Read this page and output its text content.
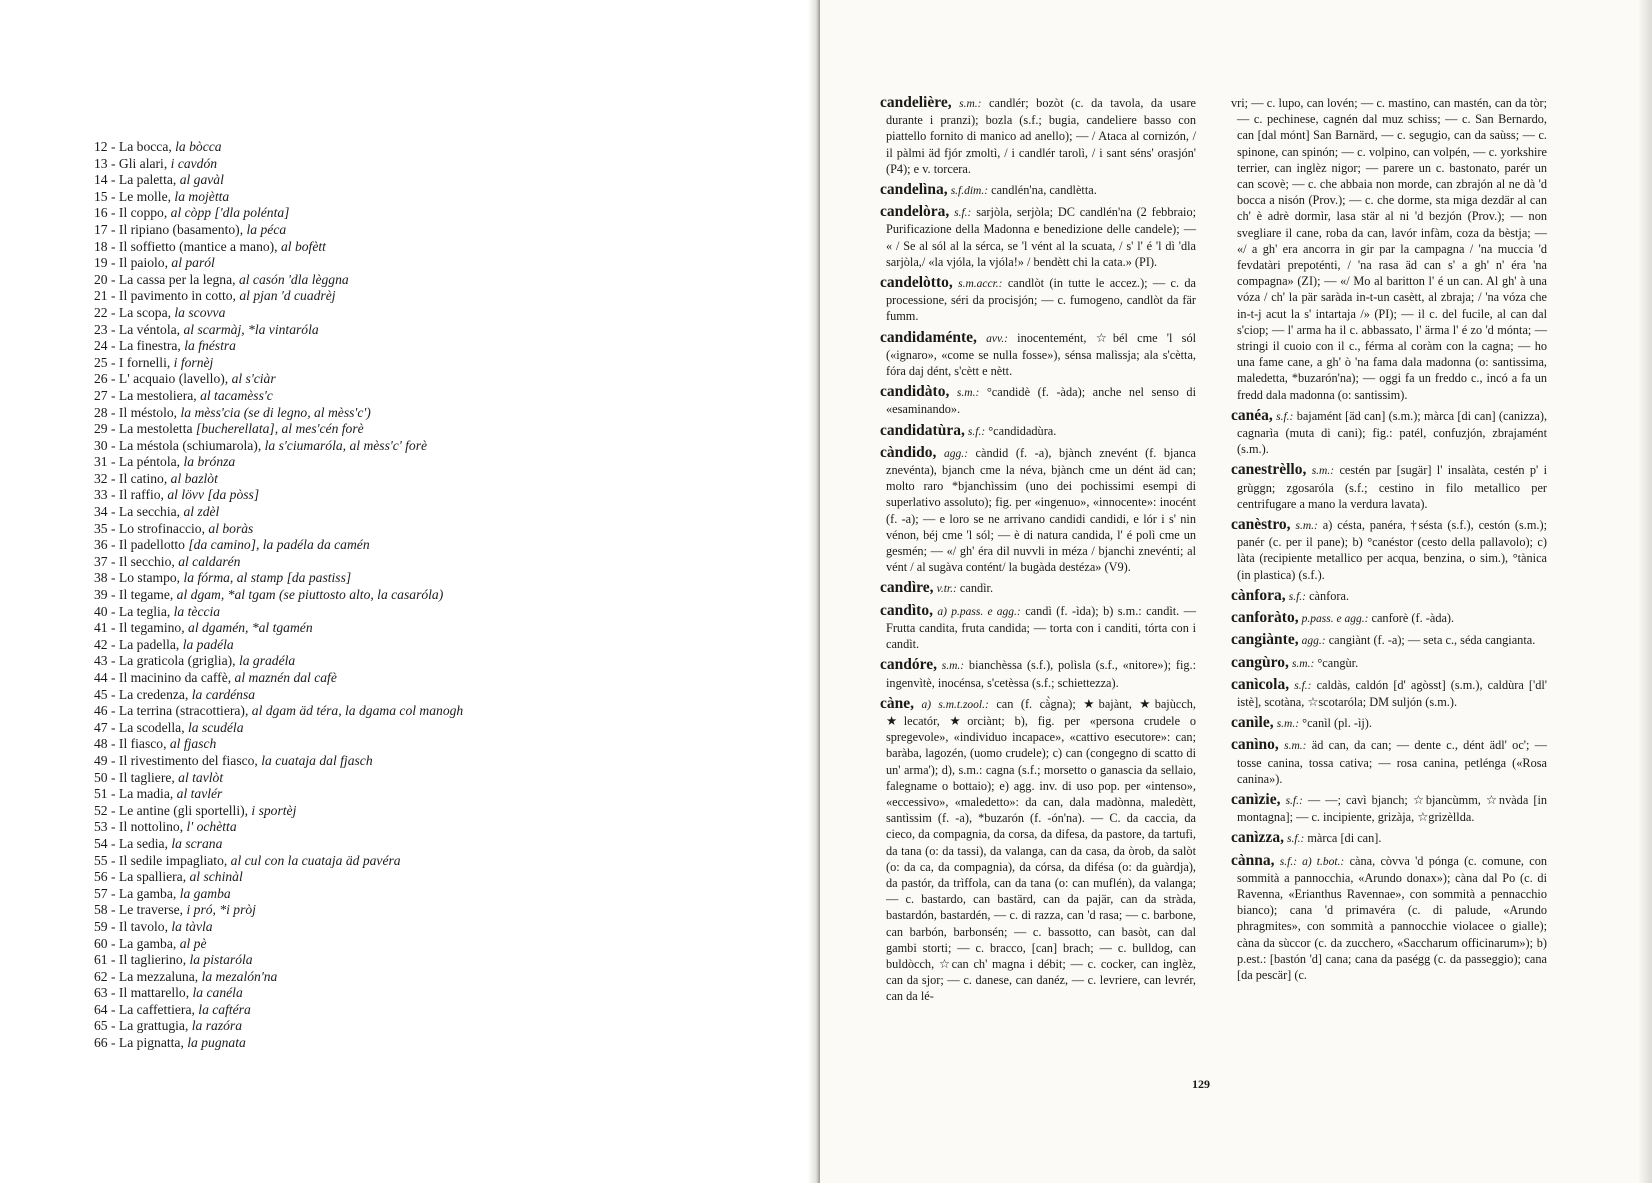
12 - La bocca, la bòcca
13 - Gli alari, i cavdón
14 - La paletta, al gavàl
15 - Le molle, la mojètta
16 - Il coppo, al còpp ['dla polénta]
17 - Il ripiano (basamento), la péca
18 - Il soffietto (mantice a mano), al bofètt
19 - Il paiolo, al paról
20 - La cassa per la legna, al casón 'dla lèggna
21 - Il pavimento in cotto, al pjan 'd cuadrèj
22 - La scopa, la scovva
23 - La véntola, al scarmàj, *la vintaróla
24 - La finestra, la fnéstra
25 - I fornelli, i fornèj
26 - L' acquaio (lavello), al s'ciàr
27 - La mestoliera, al tacamèss'c
28 - Il méstolo, la mèss'cia (se di legno, al mèss'c')
29 - La mestoletta [bucherellata], al mes'cén forè
30 - La méstola (schiumarola), la s'ciumaróla, al mèss'c' forè
31 - La péntola, la brónza
32 - Il catino, al bazlòt
33 - Il raffio, al lövv [da pòss]
34 - La secchia, al zdèl
35 - Lo strofinaccio, al boràs
36 - Il padellotto [da camino], la padéla da camén
37 - Il secchio, al caldarén
38 - Lo stampo, la fórma, al stamp [da pastiss]
39 - Il tegame, al dgam, *al tgam (se piuttosto alto, la casaróla)
40 - La teglia, la tèccia
41 - Il tegamino, al dgamén, *al tgamén
42 - La padella, la padéla
43 - La graticola (griglia), la gradéla
44 - Il macinino da caffè, al maznén dal cafè
45 - La credenza, la cardénsa
46 - La terrina (stracottiera), al dgam äd téra, la dgama col manogh
47 - La scodella, la scudéla
48 - Il fiasco, al fjasch
49 - Il rivestimento del fiasco, la cuataja dal fjasch
50 - Il tagliere, al tavlòt
51 - La madia, al tavlér
52 - Le antine (gli sportelli), i sportèj
53 - Il nottolino, l' ochètta
54 - La sedia, la scrana
55 - Il sedile impagliato, al cul con la cuataja äd pavéra
56 - La spalliera, al schinàl
57 - La gamba, la gamba
58 - Le traverse, i pró, *i pròj
59 - Il tavolo, la tàvla
60 - La gamba, al pè
61 - Il taglierino, la pistaróla
62 - La mezzaluna, la mezalón'na
63 - Il mattarello, la canéla
64 - La caffettiera, la caftéra
65 - La grattugia, la razóra
66 - La pignatta, la pugnata

candelière, s.m.: candlér; bozòt (c. da tavola, da usare durante i pranzi); bozla (s.f.; bugia, candeliere basso con piattello fornito di manico ad anello); — / Ataca al cornizón, / il pàlmi äd fjór zmoltì, / i candlér tarolì, / i sant séns' orasjón' (P4); e v. torcera.

candelìna, s.f.dim.: candlén'na, candlètta.

candelòra, s.f.: sarjòla, serjòla; DC candlén'na (2 febbraio; Purificazione della Madonna e benedizione delle candele); — « / Se al sól al la sérca, se 'l vént al la scuata, / s' l' é 'l dì 'dla sarjòla,/ «la vjóla, la vjóla!» / bendètt chi la cata.» (PI).

candelòtto, s.m.accr.: candlòt (in tutte le accez.); — c. da processione, séri da procisjón; — c. fumogeno, candlòt da fär fumm.

candidaménte, avv.: inocentemént, ☆bél cme 'l sól («ignaro», «come se nulla fosse»), sénsa malìssja; ala s'cètta, fóra daj dént, s'cètt e nètt.

candidàto, s.m.: °candidè (f. -àda); anche nel senso di «esaminando».

candidatùra, s.f.: °candidadùra.

càndido, agg.: càndid (f. -a), bjànch znevént (f. bjanca znevénta), bjanch cme la néva, bjànch cme un dént äd can; molto raro *bjanchìssim (uno dei pochissimi esempi di superlativo assoluto); fig. per «ingenuo», «innocente»: inocént (f. -a); — e loro se ne arrivano candidi candidi, e lór i s' nin vénon, béj cme 'l sól; — è di natura candida, l' é polì cme un gesmén; — «/ gh' éra dil nuvvli in méza / bjanchi znevénti; al vént / al sugàva contént/ la bugàda destéza» (V9).

candìre, v.tr.: candìr.

candìto, a) p.pass. e agg.: candì (f. -ìda); b) s.m.: candìt. — Frutta candita, fruta candida; — torta con i canditi, tórta con i candìt.

candóre, s.m.: bianchèssa (s.f.), polìsla (s.f., «nitore»); fig.: ingenvìtè, inocénsa, s'cetèssa (s.f.; schiettezza).

càne, a) s.m.t.zool.: can (f. cà̀gna); ★bajànt, ★bajùcch, ★lecatór, ★orciànt; b), fig. per «persona crudele o spregevole», «individuo incapace», «cattivo esecutore»: can; baràba, lagozén, (uomo crudele); c) can (congegno di scatto di un' arma'); d), s.m.: cagna (s.f.; morsetto o ganascia da sellaio, falegname o bottaio); e) agg. inv. di uso pop. per «intenso», «eccessivo», «maledetto»: da can, dala madònna, maledètt, santìssim (f. -a), *buzarón (f. -ón'na). — C. da caccia, da cieco, da compagnia, da corsa, da difesa, da pastore, da tartufi, da tana (o: da tassi), da valanga, can da casa, da òrob, da salòt (o: da ca, da compagnia), da córsa, da difésa (o: da guàrdja), da pastór, da trìffola, can da tana (o: can muflén), da valanga; — c. bastardo, can bastärd, can da pajär, can da stràda, bastardón, bastardén, — c. di razza, can 'd rasa; — c. barbone, can barbón, barbonsén; — c. bassotto, can basòt, can dal gambi storti; — c. bracco, [can] brach; — c. bulldog, can buldòcch, ☆can ch' magna i débit; — c. cocker, can inglèz, can da sjor; — c. danese, can danéz, — c. levriere, can levrér, can da lé-

vri; — c. lupo, can lovén; — c. mastino, can mastén, can da tòr; — c. pechinese, cagnén dal muz schiss; — c. San Bernardo, can [dal mónt] San Barnärd, — c. segugio, can da saùss; — c. spinone, can spinón; — c. volpino, can volpén, — c. yorkshire terrier, can inglèz nigor; — parere un c. bastonato, parér un can scovè; — c. che abbaia non morde, can zbrajón al ne dà 'd bocca a nisón (Prov.); — c. che dorme, sta miga dezdär al can ch' è adrè dormìr, lasa stär al ni 'd bezjón (Prov.); — non svegliare il cane, roba da can, lavór infàm, coza da bèstja; — «/ a gh' era ancorra in gir par la campagna / 'na muccia 'd fevdatàri prepoténti, / 'na rasa äd can s' a gh' n' éra 'na compagna» (ZI); — «/ Mo al baritton l' é un can. Al gh' à una vóza / ch' la pär saràda in-t-un casètt, al zbraja; / 'na vóza che in-t-j acut la s' intartaja /» (PI); — il c. del fucile, al can dal s'ciop; — l' arma ha il c. abbassato, l' ärma l' é zo 'd mónta; — stringi il cuoio con il c., férma al coràm con la cagna; — ho una fame cane, a gh' ò 'na fama dala madonna (o: santissima, maledetta, *buzarón'na); — oggi fa un freddo c., incó a fa un fredd dala madonna (o: santissim).

canéa, s.f.: bajamént [äd can] (s.m.); màrca [di can] (canizza), cagnarìa (muta di cani); fig.: patél, confuzjón, zbrajamént (s.m.).

canestrèllo, s.m.: cestén par [sugär] l' insalàta, cestén p' i grùggn; zgosaróla (s.f.; cestino in filo metallico per centrifugare a mano la verdura lavata).

canèstro, s.m.: a) césta, panéra, †sésta (s.f.), cestón (s.m.); panér (c. per il pane); b) °canéstor (cesto della pallavolo); c) làta (recipiente metallico per acqua, benzina, o sim.), °tànica (in plastica) (s.f.).

cànfora, s.f.: cànfora.

canforàto, p.pass. e agg.: canforè (f. -àda).

cangiànte, agg.: cangiànt (f. -a); — seta c., séda cangianta.

cangùro, s.m.: °cangùr.

canìcola, s.f.: caldàs, caldón [d' agòsst] (s.m.), caldùra ['dl' istè], scotàna, ☆scotaróla; DM suljón (s.m.).

canìle, s.m.: °canìl (pl. -ìj).

canìno, s.m.: äd can, da can; — dente c., dént ädl' oc'; — tosse canina, tossa cativa; — rosa canina, petlénga («Rosa canina»).

canìzie, s.f.: — —; cavì bjanch; ☆bjancùmm, ☆nvàda [in montagna]; — c. incipiente, grizàja, ☆grizèllda.

canìzza, s.f.: màrca [di can].

cànna, s.f.: a) t.bot.: càna, còvva 'd pónga (c. comune, con sommità a pannocchia, «Arundo donax»); càna dal Po (c. di Ravenna, «Erianthus Ravennae», con sommità a pennacchio bianco); cana 'd primavéra (c. di palude, «Arundo phragmites», con sommità a pannocchie violacee o gialle); càna da sùccor (c. da zucchero, «Saccharum officinarum»); b) p.est.: [bastón 'd] cana; cana da paségg (c. da passeggio); cana [da pescär] (c.

129
